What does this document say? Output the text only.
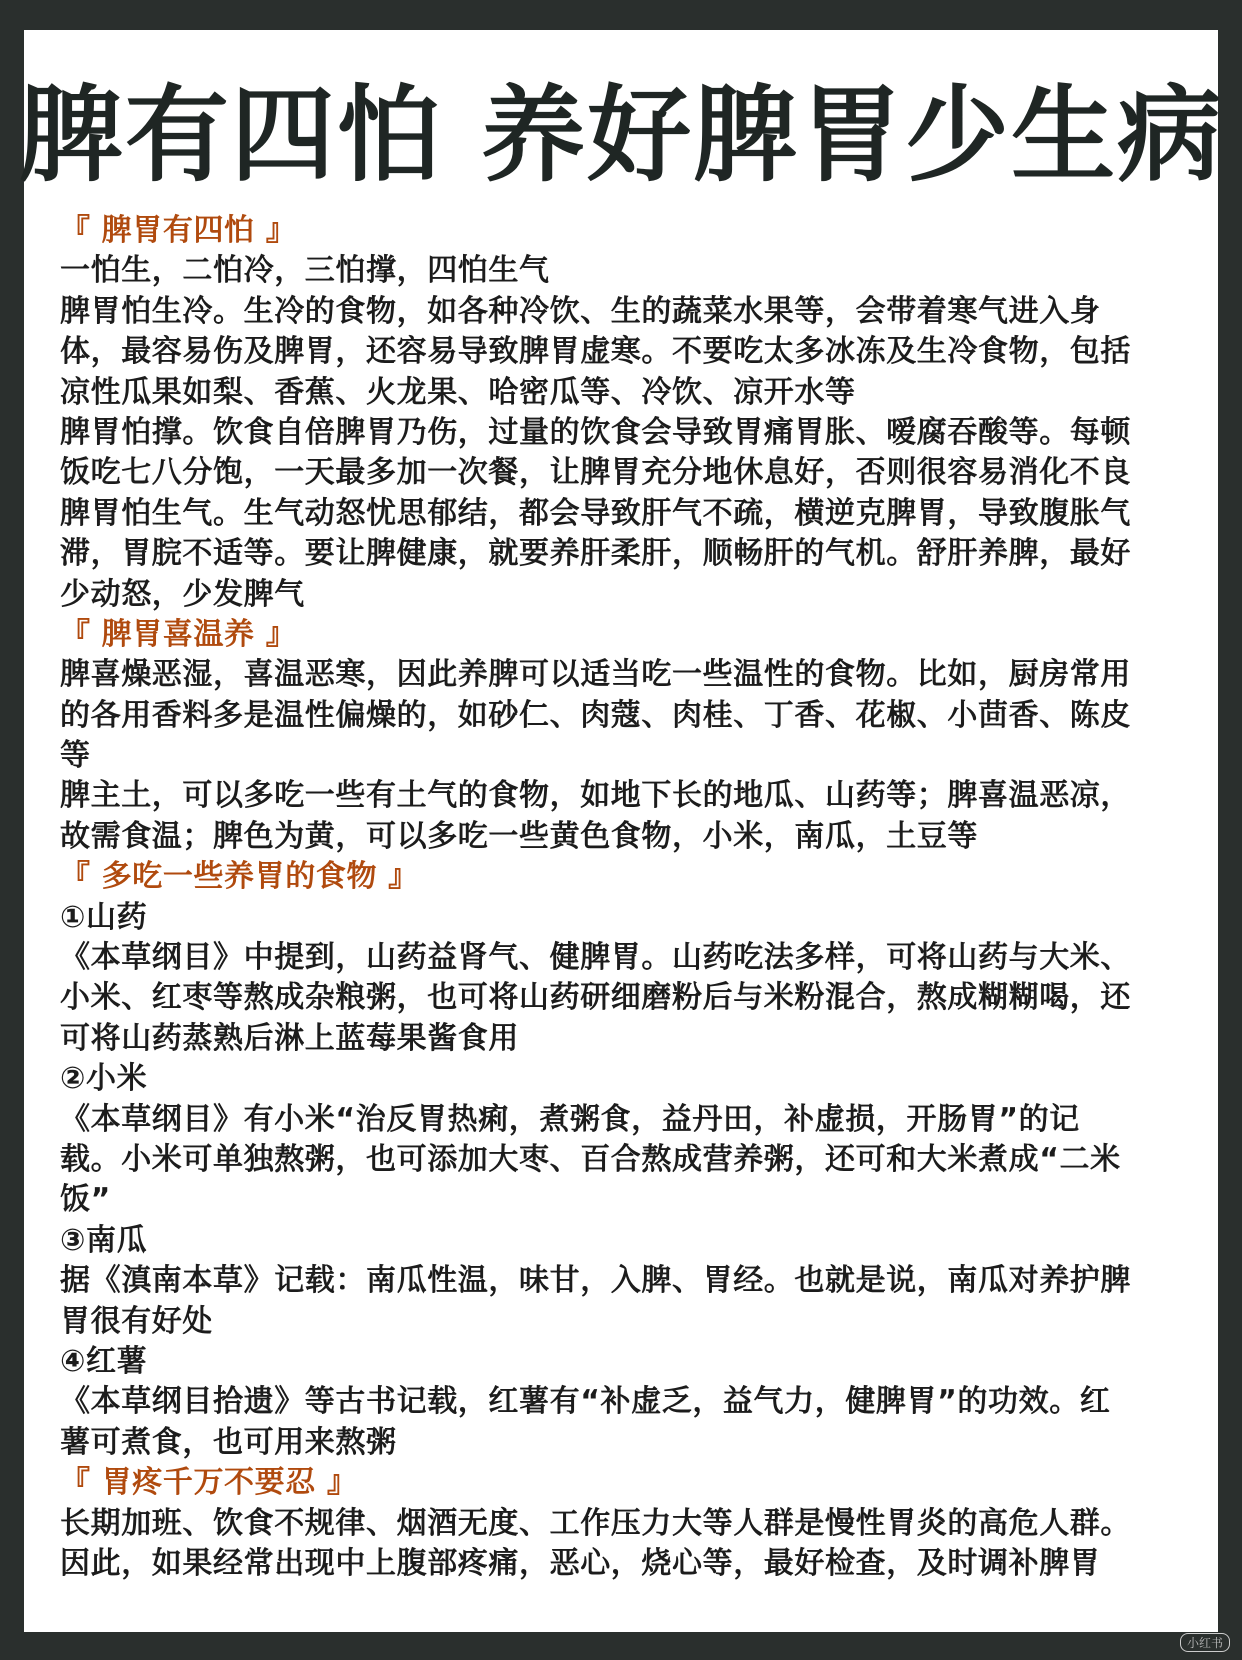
脾有四怕 养好脾胃少生病
『 脾胃有四怕 』
一怕生，二怕冷，三怕撑，四怕生气
脾胃怕生冷。生冷的食物，如各种冷饮、生的蔬菜水果等，会带着寒气进入身
体，最容易伤及脾胃，还容易导致脾胃虚寒。不要吃太多冰冻及生冷食物，包括
凉性瓜果如梨、香蕉、火龙果、哈密瓜等、冷饮、凉开水等
脾胃怕撑。饮食自倍脾胃乃伤，过量的饮食会导致胃痛胃胀、嗳腐吞酸等。每顿
饭吃七八分饱，一天最多加一次餐，让脾胃充分地休息好，否则很容易消化不良
脾胃怕生气。生气动怒忧思郁结，都会导致肝气不疏，横逆克脾胃，导致腹胀气
滞，胃脘不适等。要让脾健康，就要养肝柔肝，顺畅肝的气机。舒肝养脾，最好
少动怒，少发脾气
『 脾胃喜温养 』
脾喜燥恶湿，喜温恶寒，因此养脾可以适当吃一些温性的食物。比如，厨房常用
的各用香料多是温性偏燥的，如砂仁、肉蔻、肉桂、丁香、花椒、小茴香、陈皮
等
脾主土，可以多吃一些有土气的食物，如地下长的地瓜、山药等；脾喜温恶凉，
故需食温；脾色为黄，可以多吃一些黄色食物，小米，南瓜，土豆等
『 多吃一些养胃的食物 』
①山药
《本草纲目》中提到，山药益肾气、健脾胃。山药吃法多样，可将山药与大米、
小米、红枣等熬成杂粮粥，也可将山药研细磨粉后与米粉混合，熬成糊糊喝，还
可将山药蒸熟后淋上蓝莓果酱食用
②小米
《本草纲目》有小米“治反胃热痢，煮粥食，益丹田，补虚损，开肠胃”的记
载。小米可单独熬粥，也可添加大枣、百合熬成营养粥，还可和大米煮成“二米
饭”
③南瓜
据《滇南本草》记载：南瓜性温，味甘，入脾、胃经。也就是说，南瓜对养护脾
胃很有好处
④红薯
《本草纲目拾遗》等古书记载，红薯有“补虚乏，益气力，健脾胃”的功效。红
薯可煮食，也可用来熬粥
『 胃疼千万不要忍 』
长期加班、饮食不规律、烟酒无度、工作压力大等人群是慢性胃炎的高危人群。
因此，如果经常出现中上腹部疼痛，恶心，烧心等，最好检查，及时调补脾胃
小红书
